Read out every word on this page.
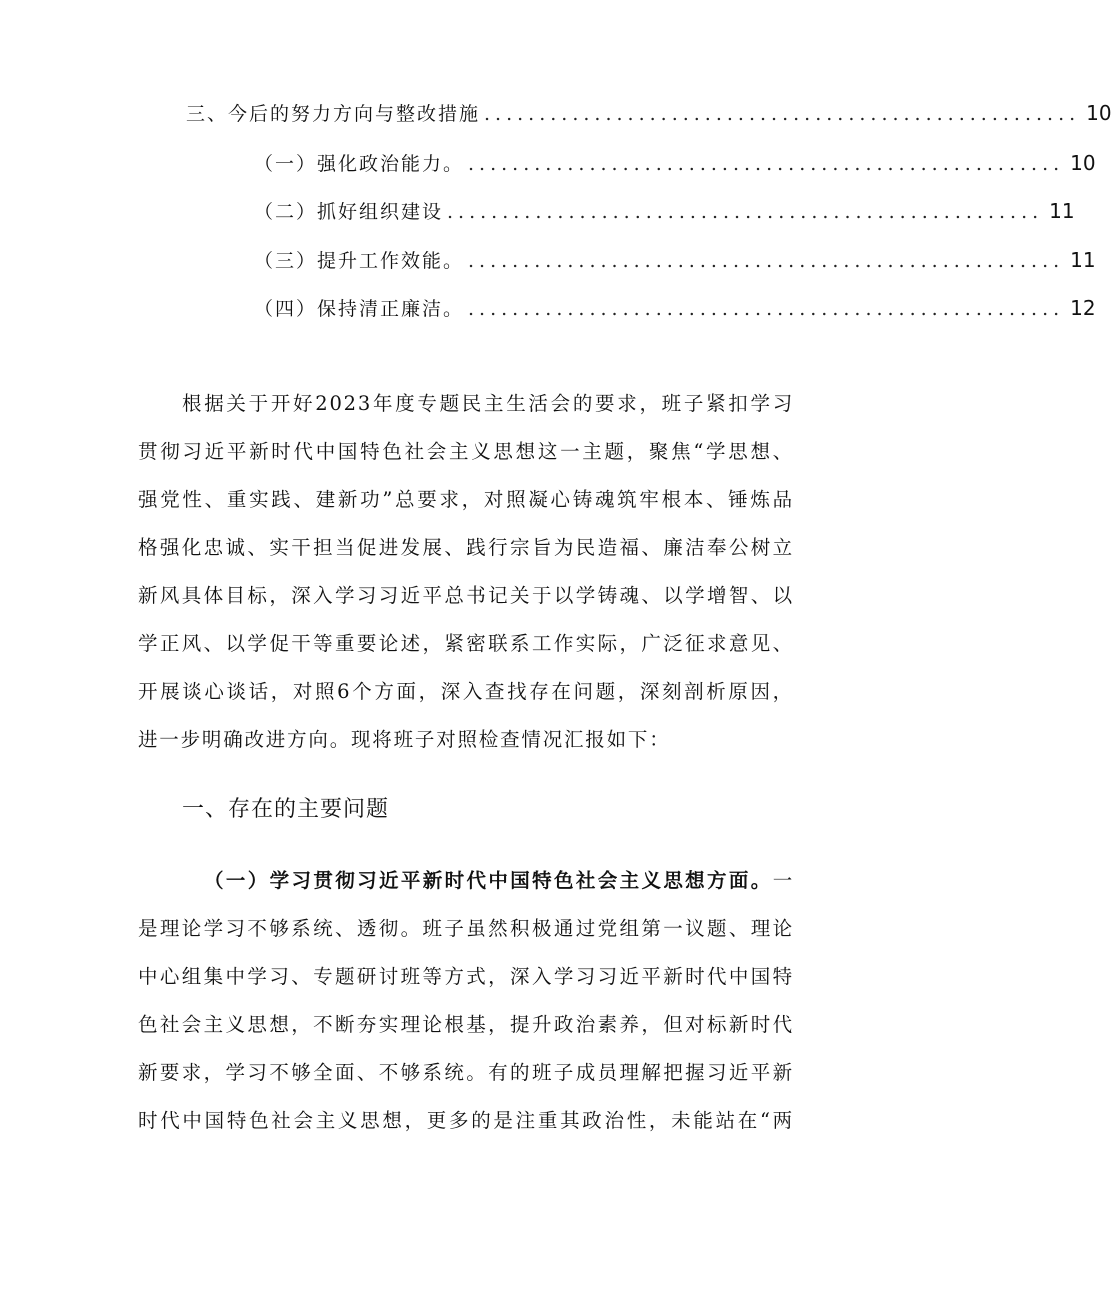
三、今后的努力方向与整改措施 ...................................................... 10
（一）强化政治能力。 ...................................................... 10
（二）抓好组织建设 ...................................................... 11
（三）提升工作效能。 ...................................................... 11
（四）保持清正廉洁。 ...................................................... 12
根据关于开好2023年度专题民主生活会的要求，班子紧扣学习
贯彻习近平新时代中国特色社会主义思想这一主题，聚焦“学思想、
强党性、重实践、建新功”总要求，对照凝心铸魂筑牢根本、锤炼品
格强化忠诚、实干担当促进发展、践行宗旨为民造福、廉洁奉公树立
新风具体目标，深入学习习近平总书记关于以学铸魂、以学增智、以
学正风、以学促干等重要论述，紧密联系工作实际，广泛征求意见、
开展谈心谈话，对照6个方面，深入查找存在问题，深刻剖析原因，
进一步明确改进方向。现将班子对照检查情况汇报如下：
一、存在的主要问题
（一）学习贯彻习近平新时代中国特色社会主义思想方面。一
是理论学习不够系统、透彻。班子虽然积极通过党组第一议题、理论
中心组集中学习、专题研讨班等方式，深入学习习近平新时代中国特
色社会主义思想，不断夯实理论根基，提升政治素养，但对标新时代
新要求，学习不够全面、不够系统。有的班子成员理解把握习近平新
时代中国特色社会主义思想，更多的是注重其政治性，未能站在“两
